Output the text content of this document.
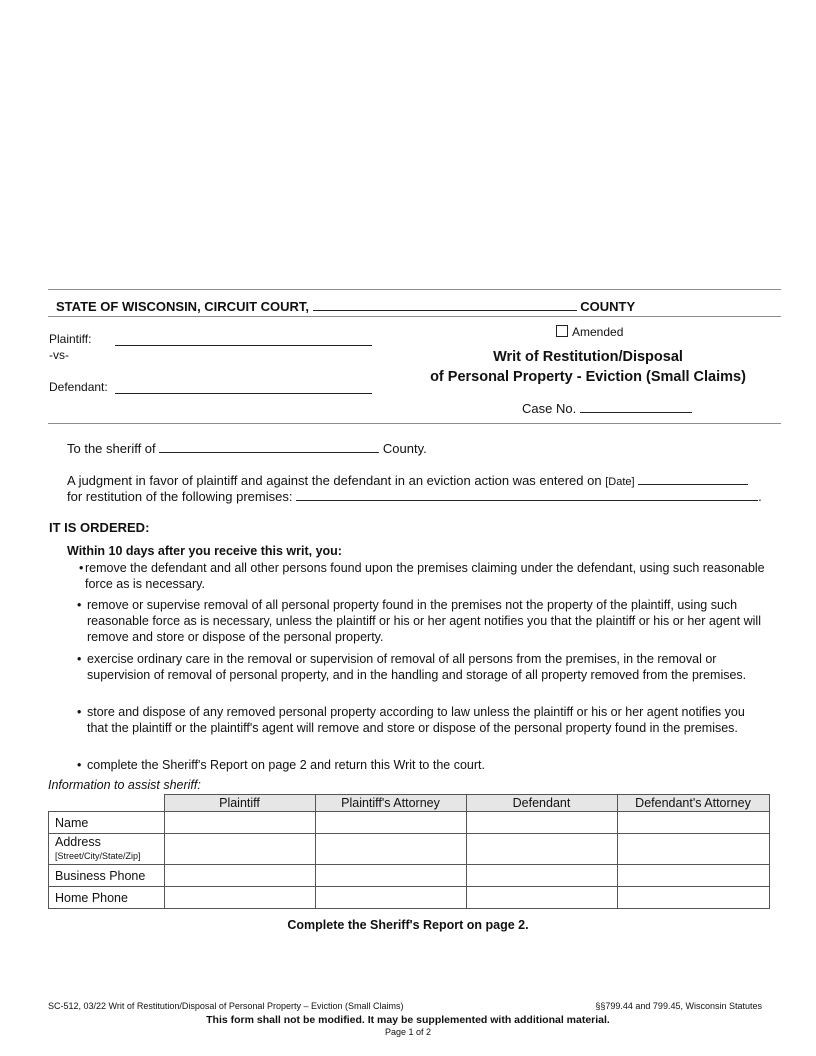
STATE OF WISCONSIN, CIRCUIT COURT,	COUNTY
Plaintiff:
-vs-
Defendant:
Amended
Writ of Restitution/Disposal
of Personal Property - Eviction (Small Claims)
Case No.
To the sheriff of	County.
A judgment in favor of plaintiff and against the defendant in an eviction action was entered on [Date]
for restitution of the following premises:	.
IT IS ORDERED:
Within 10 days after you receive this writ, you:
• remove the defendant and all other persons found upon the premises claiming under the defendant, using such reasonable force as is necessary.
• remove or supervise removal of all personal property found in the premises not the property of the plaintiff, using such reasonable force as is necessary, unless the plaintiff or his or her agent notifies you that the plaintiff or his or her agent will remove and store or dispose of the personal property.
• exercise ordinary care in the removal or supervision of removal of all persons from the premises, in the removal or supervision of removal of personal property, and in the handling and storage of all property removed from the premises.
• store and dispose of any removed personal property according to law unless the plaintiff or his or her agent notifies you that the plaintiff or the plaintiff's agent will remove and store or dispose of the personal property found in the premises.
• complete the Sheriff's Report on page 2 and return this Writ to the court.
Information to assist sheriff:
	Plaintiff	Plaintiff's Attorney	Defendant	Defendant's Attorney
Name				
Address
[Street/City/State/Zip]				
Business Phone				
Home Phone				
Complete the Sheriff's Report on page 2.
SC-512, 03/22 Writ of Restitution/Disposal of Personal Property – Eviction (Small Claims)	§§799.44 and 799.45, Wisconsin Statutes
This form shall not be modified. It may be supplemented with additional material.
Page 1 of 2
